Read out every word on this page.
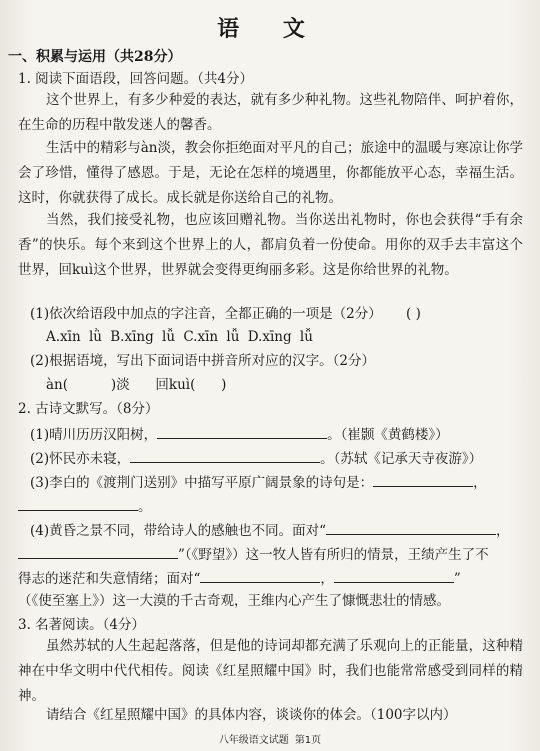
语 文
一、积累与运用（共28分）
1. 阅读下面语段，回答问题。（共4分）
这个世界上，有多少种爱的表达，就有多少种礼物。这些礼物陪伴、呵护着你，在生命的历程中散发迷人的馨香。
生活中的精彩与àn淡，教会你拒绝面对平凡的自己；旅途中的温暖与寒凉让你学会了珍惜，懂得了感恩。于是，无论在怎样的境遇里，你都能放平心态，幸福生活。这时，你就获得了成长。成长就是你送给自己的礼物。
当然，我们接受礼物，也应该回赠礼物。当你送出礼物时，你也会获得“手有余香”的快乐。每个来到这个世界上的人，都肩负着一份使命。用你的双手去丰富这个世界，回kuì这个世界，世界就会变得更绚丽多彩。这是你给世界的礼物。
(1)依次给语段中加点的字注音，全都正确的一项是（2分） ( )
A.xīn lǜ B.xīng lǚ C.xīn lǚ D.xīng lǚ
(2)根据语境，写出下面词语中拼音所对应的汉字。（2分）
àn(          )淡      回kuì(      )
2. 古诗文默写。（8分）
(1)晴川历历汉阳树，	。（崔颢《黄鹤楼》）
(2)怀民亦未寝，	。（苏轼《记承天寺夜游》）
(3)李白的《渡荆门送别》中描写平原广阔景象的诗句是：	，
。
(4)黄昏之景不同，带给诗人的感触也不同。面对“	，
”（《野望》）这一牧人皆有所归的情景，王绩产生了不
得志的迷茫和失意情绪；面对“	，	”
（《使至塞上》）这一大漠的千古奇观，王维内心产生了慷慨悲壮的情感。
3. 名著阅读。（4分）
虽然苏轼的人生起起落落，但是他的诗词却都充满了乐观向上的正能量，这种精神在中华文明中代代相传。阅读《红星照耀中国》时，我们也能常常感受到同样的精神。
请结合《红星照耀中国》的具体内容，谈谈你的体会。（100字以内）
八年级语文试题 第1页
